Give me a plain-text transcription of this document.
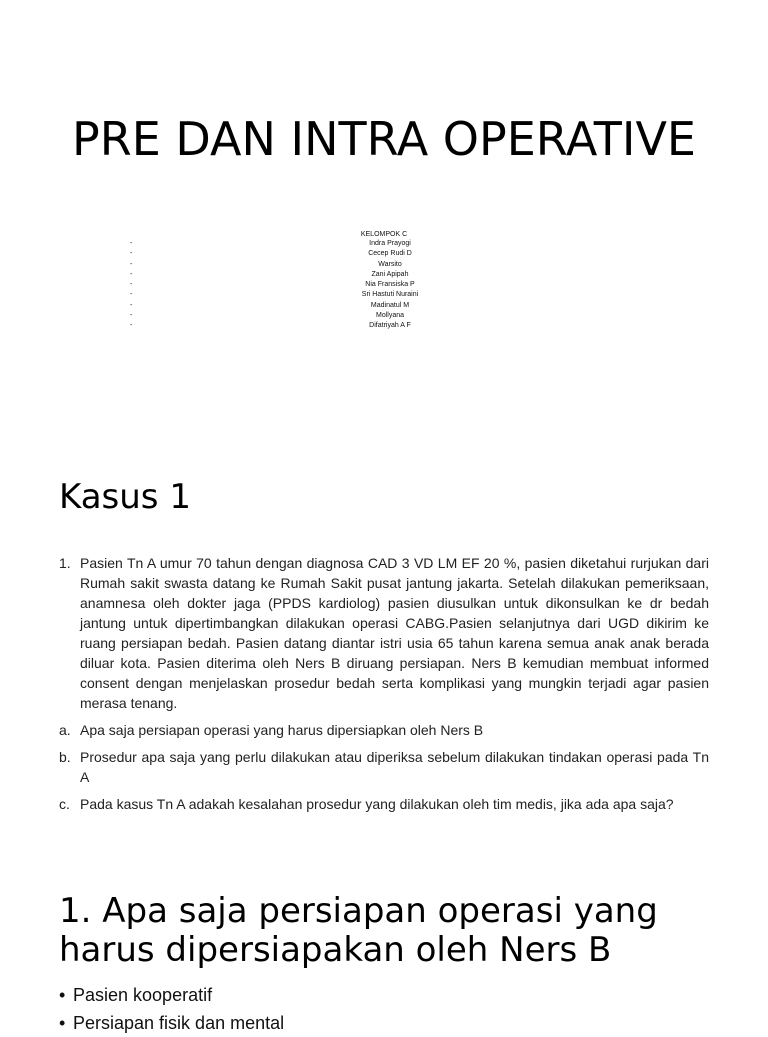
PRE DAN INTRA OPERATIVE
KELOMPOK C
-	Indra Prayogi
-	Cecep Rudi D
-	Warsito
-	Zani Apipah
-	Nia Fransiska P
-	Sri Hastuti Nuraini
-	Madinatul M
-	Mollyana
-	Difatriyah A F
Kasus 1
1. Pasien Tn A umur 70 tahun dengan diagnosa CAD 3 VD LM EF 20 %, pasien diketahui rurjukan dari Rumah sakit swasta datang ke Rumah Sakit pusat jantung jakarta. Setelah dilakukan pemeriksaan, anamnesa oleh dokter jaga (PPDS kardiolog) pasien diusulkan untuk dikonsulkan ke dr bedah jantung untuk dipertimbangkan dilakukan operasi CABG.Pasien selanjutnya dari UGD dikirim ke ruang persiapan bedah. Pasien datang diantar istri usia 65 tahun karena semua anak anak berada diluar kota. Pasien diterima oleh Ners B diruang persiapan. Ners B kemudian membuat informed consent dengan menjelaskan prosedur bedah serta komplikasi yang mungkin terjadi agar pasien merasa tenang.
a. Apa saja persiapan operasi yang harus dipersiapkan oleh Ners B
b. Prosedur apa saja yang perlu dilakukan atau diperiksa sebelum dilakukan tindakan operasi pada Tn A
c. Pada kasus Tn A adakah kesalahan prosedur yang dilakukan oleh tim medis, jika ada apa saja?
1. Apa saja persiapan operasi yang harus dipersiapakan oleh Ners B
• Pasien kooperatif
• Persiapan fisik dan mental
